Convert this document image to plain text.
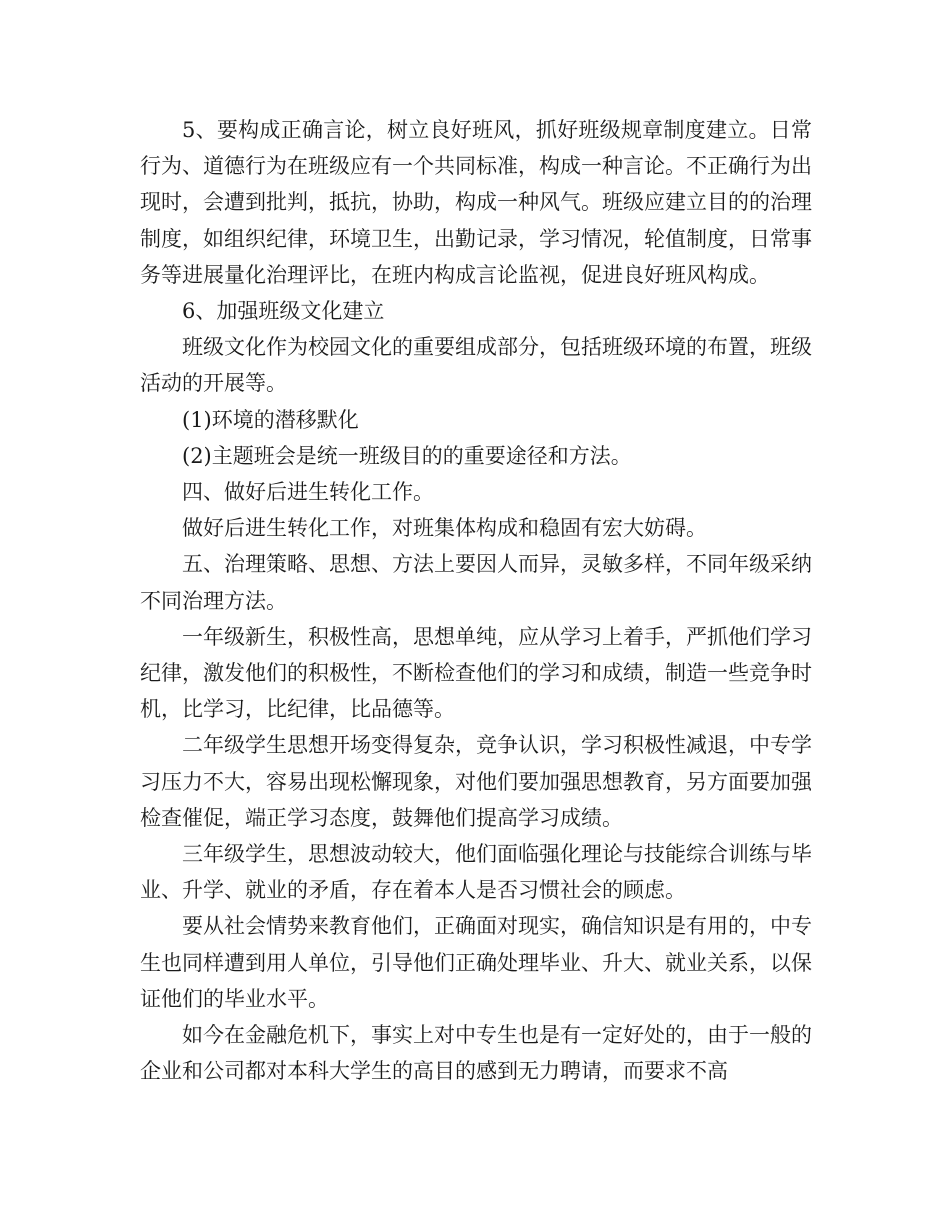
5、要构成正确言论，树立良好班风，抓好班级规章制度建立。日常行为、道德行为在班级应有一个共同标准，构成一种言论。不正确行为出现时，会遭到批判，抵抗，协助，构成一种风气。班级应建立目的的治理制度，如组织纪律，环境卫生，出勤记录，学习情况，轮值制度，日常事务等进展量化治理评比，在班内构成言论监视，促进良好班风构成。

6、加强班级文化建立

班级文化作为校园文化的重要组成部分，包括班级环境的布置，班级活动的开展等。

(1)环境的潜移默化

(2)主题班会是统一班级目的的重要途径和方法。

四、做好后进生转化工作。

做好后进生转化工作，对班集体构成和稳固有宏大妨碍。

五、治理策略、思想、方法上要因人而异，灵敏多样，不同年级采纳不同治理方法。

一年级新生，积极性高，思想单纯，应从学习上着手，严抓他们学习纪律，激发他们的积极性，不断检查他们的学习和成绩，制造一些竞争时机，比学习，比纪律，比品德等。

二年级学生思想开场变得复杂，竞争认识，学习积极性减退，中专学习压力不大，容易出现松懈现象，对他们要加强思想教育，另方面要加强检查催促，端正学习态度，鼓舞他们提高学习成绩。

三年级学生，思想波动较大，他们面临强化理论与技能综合训练与毕业、升学、就业的矛盾，存在着本人是否习惯社会的顾虑。

要从社会情势来教育他们，正确面对现实，确信知识是有用的，中专生也同样遭到用人单位，引导他们正确处理毕业、升大、就业关系，以保证他们的毕业水平。

如今在金融危机下，事实上对中专生也是有一定好处的，由于一般的企业和公司都对本科大学生的高目的感到无力聘请，而要求不高
